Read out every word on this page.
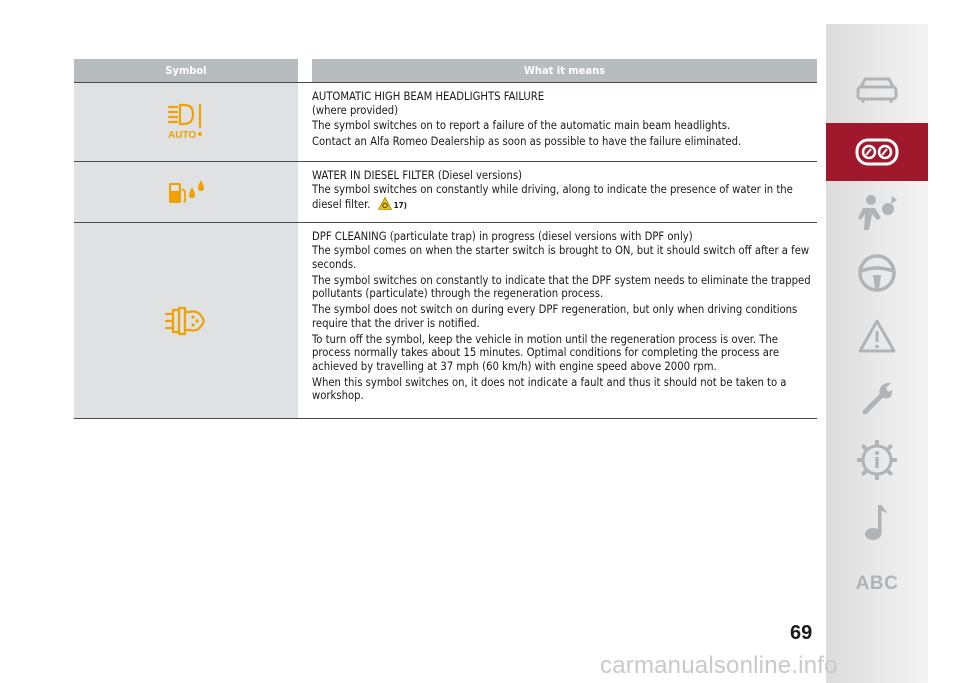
Symbol	What it means
AUTO
AUTOMATIC HIGH BEAM HEADLIGHTS FAILURE

(where provided)

The symbol switches on to report a failure of the automatic main beam headlights.

Contact an Alfa Romeo Dealership as soon as possible to have the failure eliminated.

WATER IN DIESEL FILTER (Diesel versions)

The symbol switches on constantly while driving, along to indicate the presence of water in the diesel filter.	17)

DPF CLEANING (particulate trap) in progress (diesel versions with DPF only)

The symbol comes on when the starter switch is brought to ON, but it should switch off after a few seconds.

The symbol switches on constantly to indicate that the DPF system needs to eliminate the trapped pollutants (particulate) through the regeneration process.

The symbol does not switch on during every DPF regeneration, but only when driving conditions require that the driver is notified.

To turn off the symbol, keep the vehicle in motion until the regeneration process is over. The process normally takes about 15 minutes. Optimal conditions for completing the process are achieved by travelling at 37 mph (60 km/h) with engine speed above 2000 rpm.

When this symbol switches on, it does not indicate a fault and thus it should not be taken to a workshop.

ABC
69
carmanualsonline.info
